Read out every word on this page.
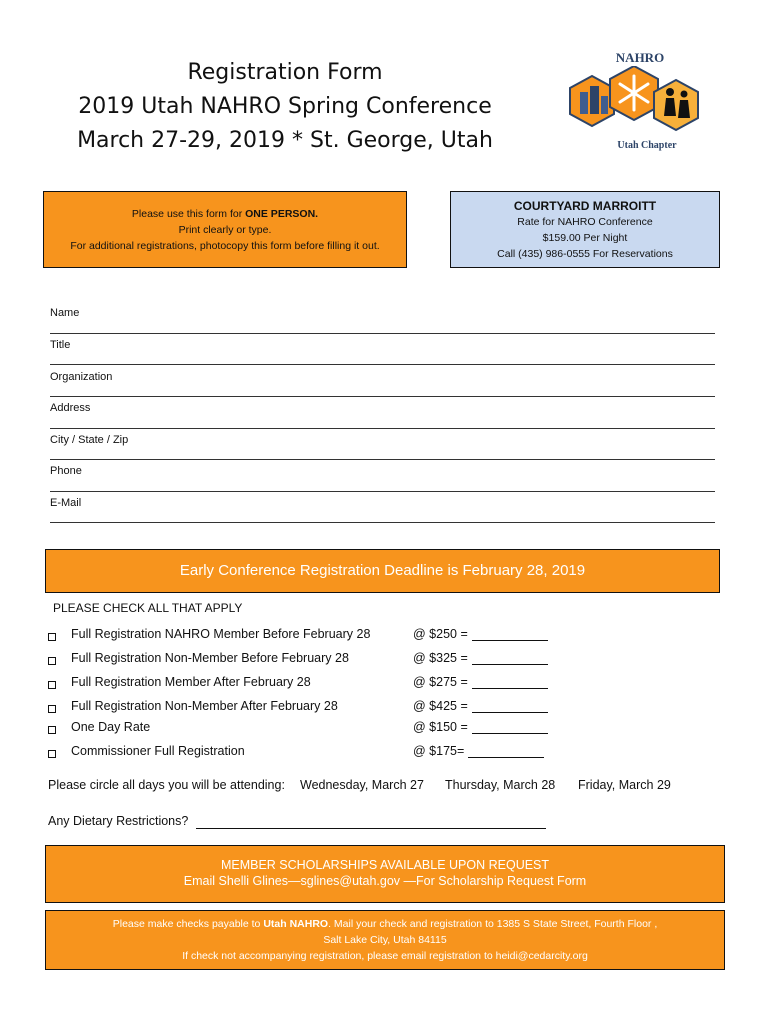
Registration Form
2019 Utah NAHRO Spring Conference
March 27-29, 2019 * St. George, Utah
NAHRO
Utah Chapter
Please use this form for ONE PERSON.
Print clearly or type.
For additional registrations, photocopy this form before filling it out.
COURTYARD MARROITT
Rate for NAHRO Conference
$159.00 Per Night
Call (435) 986-0555 For Reservations
Name
Title
Organization
Address
City / State / Zip
Phone
E-Mail
Early Conference Registration Deadline is February 28, 2019
PLEASE CHECK ALL THAT APPLY
Full Registration NAHRO Member Before February 28	@ $250 =
Full Registration Non-Member Before February 28	@ $325 =
Full Registration Member After February 28	@ $275 =
Full Registration Non-Member After February 28	@ $425 =
One Day Rate	@ $150 =
Commissioner Full Registration	@ $175=
Please circle all days you will be attending: Wednesday, March 27 Thursday, March 28 Friday, March 29
Any Dietary Restrictions?
MEMBER SCHOLARSHIPS AVAILABLE UPON REQUEST
Email Shelli Glines—sglines@utah.gov —For Scholarship Request Form
Please make checks payable to Utah NAHRO. Mail your check and registration to 1385 S State Street, Fourth Floor ,
Salt Lake City, Utah 84115
If check not accompanying registration, please email registration to heidi@cedarcity.org
